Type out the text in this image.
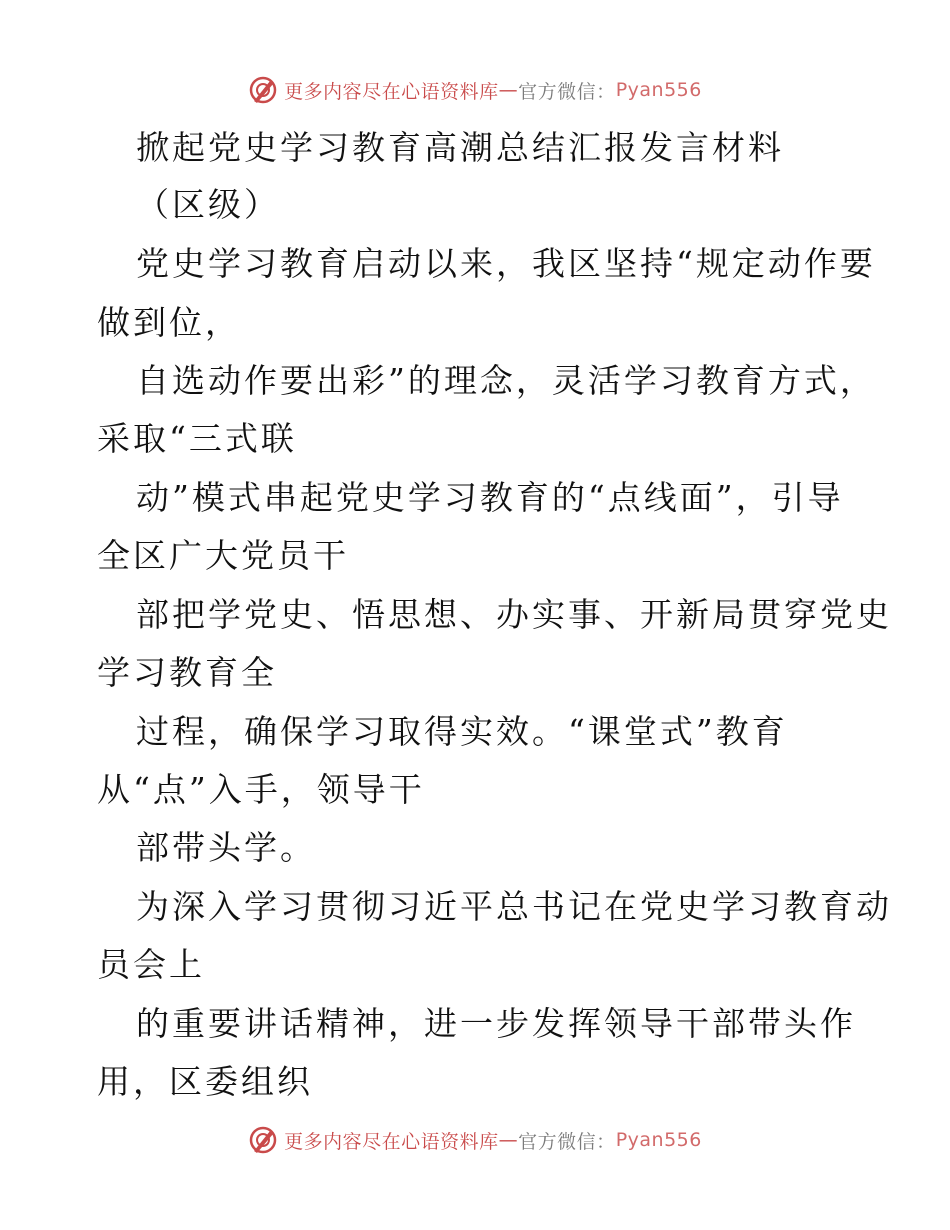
更多内容尽在心语资料库 — 官方微信： Pyan556
掀起党史学习教育高潮总结汇报发言材料
（区级）
党史学习教育启动以来，我区坚持“规定动作要
做到位，
自选动作要出彩”的理念，灵活学习教育方式，
采取“三式联
动”模式串起党史学习教育的“点线面”，引导
全区广大党员干
部把学党史、悟思想、办实事、开新局贯穿党史
学习教育全
过程，确保学习取得实效。“课堂式”教育
从“点”入手，领导干
部带头学。
为深入学习贯彻习近平总书记在党史学习教育动
员会上
的重要讲话精神，进一步发挥领导干部带头作
用，区委组织
更多内容尽在心语资料库 — 官方微信： Pyan556
